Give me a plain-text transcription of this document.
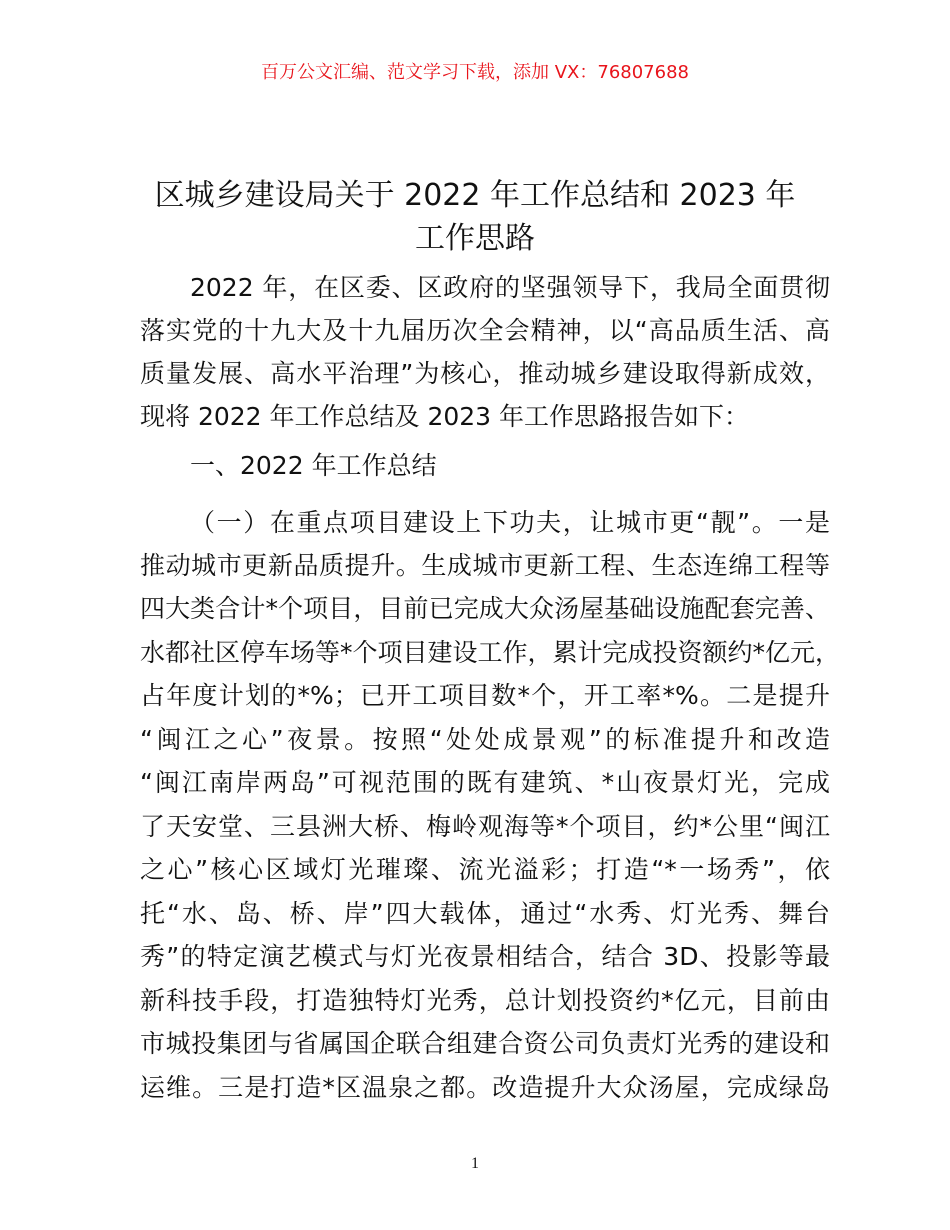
百万公文汇编、范文学习下载，添加 VX：76807688
区城乡建设局关于 2022 年工作总结和 2023 年
工作思路
2022 年，在区委、区政府的坚强领导下，我局全面贯彻
落实党的十九大及十九届历次全会精神，以“高品质生活、高
质量发展、高水平治理”为核心，推动城乡建设取得新成效，
现将 2022 年工作总结及 2023 年工作思路报告如下：
一、2022 年工作总结
（一）在重点项目建设上下功夫，让城市更“靓”。一是
推动城市更新品质提升。生成城市更新工程、生态连绵工程等
四大类合计*个项目，目前已完成大众汤屋基础设施配套完善、
水都社区停车场等*个项目建设工作，累计完成投资额约*亿元，
占年度计划的*%；已开工项目数*个，开工率*%。二是提升
“闽江之心”夜景。按照“处处成景观”的标准提升和改造
“闽江南岸两岛”可视范围的既有建筑、*山夜景灯光，完成
了天安堂、三县洲大桥、梅岭观海等*个项目，约*公里“闽江
之心”核心区域灯光璀璨、流光溢彩；打造“*一场秀”，依
托“水、岛、桥、岸”四大载体，通过“水秀、灯光秀、舞台
秀”的特定演艺模式与灯光夜景相结合，结合 3D、投影等最
新科技手段，打造独特灯光秀，总计划投资约*亿元，目前由
市城投集团与省属国企联合组建合资公司负责灯光秀的建设和
运维。三是打造*区温泉之都。改造提升大众汤屋，完成绿岛
1
